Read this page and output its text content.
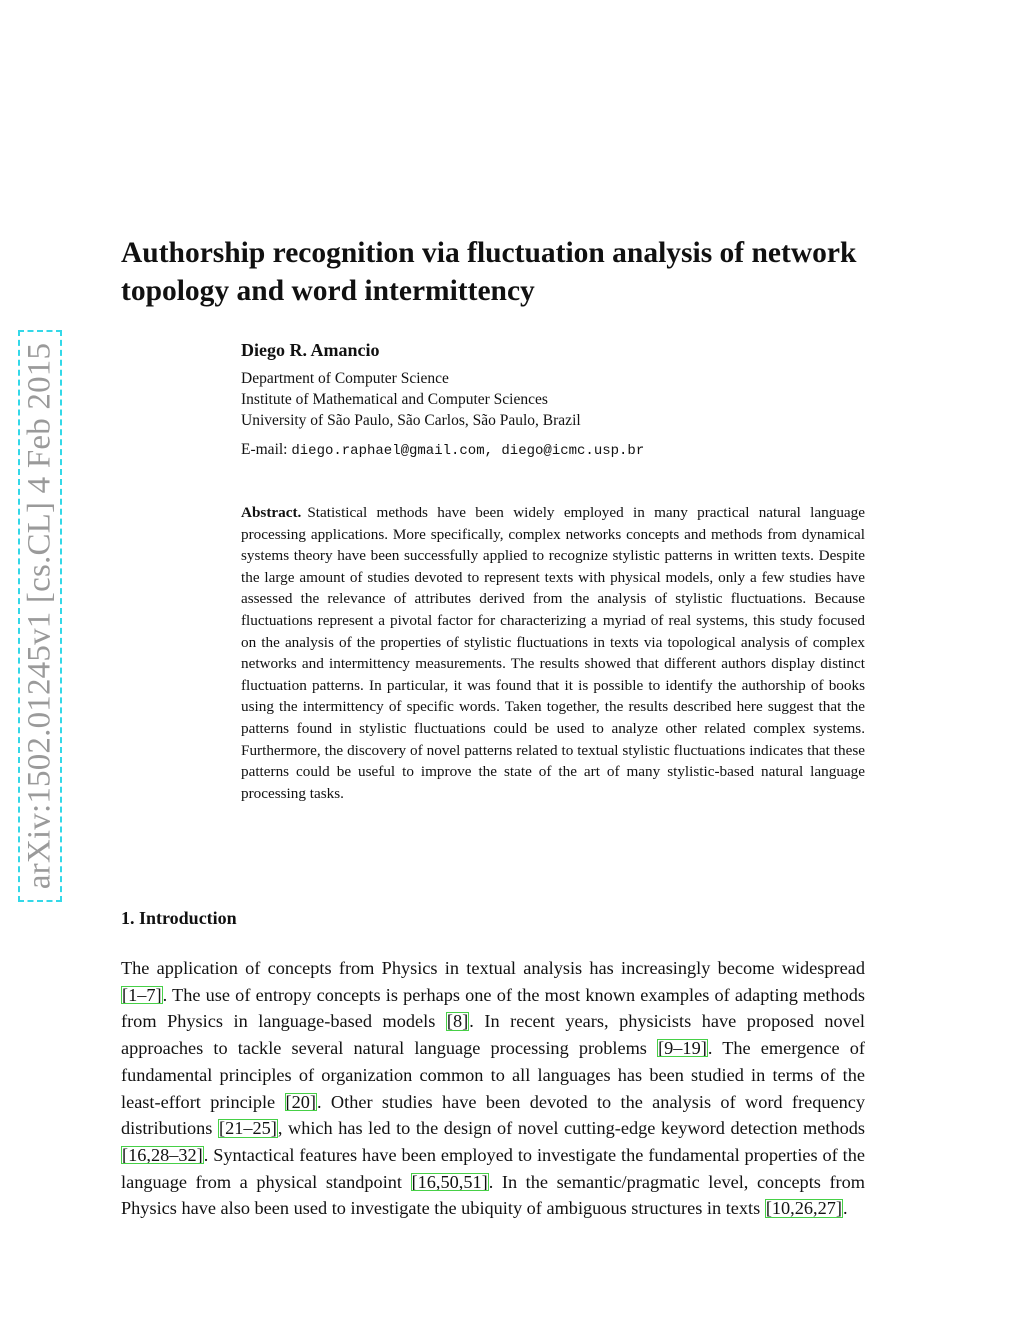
arXiv:1502.01245v1 [cs.CL] 4 Feb 2015
Authorship recognition via fluctuation analysis of network topology and word intermittency
Diego R. Amancio
Department of Computer Science
Institute of Mathematical and Computer Sciences
University of São Paulo, São Carlos, São Paulo, Brazil
E-mail: diego.raphael@gmail.com, diego@icmc.usp.br

Abstract. Statistical methods have been widely employed in many practical natural language processing applications. More specifically, complex networks concepts and methods from dynamical systems theory have been successfully applied to recognize stylistic patterns in written texts. Despite the large amount of studies devoted to represent texts with physical models, only a few studies have assessed the relevance of attributes derived from the analysis of stylistic fluctuations. Because fluctuations represent a pivotal factor for characterizing a myriad of real systems, this study focused on the analysis of the properties of stylistic fluctuations in texts via topological analysis of complex networks and intermittency measurements. The results showed that different authors display distinct fluctuation patterns. In particular, it was found that it is possible to identify the authorship of books using the intermittency of specific words. Taken together, the results described here suggest that the patterns found in stylistic fluctuations could be used to analyze other related complex systems. Furthermore, the discovery of novel patterns related to textual stylistic fluctuations indicates that these patterns could be useful to improve the state of the art of many stylistic-based natural language processing tasks.

1. Introduction

The application of concepts from Physics in textual analysis has increasingly become widespread [1–7]. The use of entropy concepts is perhaps one of the most known examples of adapting methods from Physics in language-based models [8]. In recent years, physicists have proposed novel approaches to tackle several natural language processing problems [9–19]. The emergence of fundamental principles of organization common to all languages has been studied in terms of the least-effort principle [20]. Other studies have been devoted to the analysis of word frequency distributions [21–25], which has led to the design of novel cutting-edge keyword detection methods [16,28–32]. Syntactical features have been employed to investigate the fundamental properties of the language from a physical standpoint [16,50,51]. In the semantic/pragmatic level, concepts from Physics have also been used to investigate the ubiquity of ambiguous structures in texts [10,26,27].
